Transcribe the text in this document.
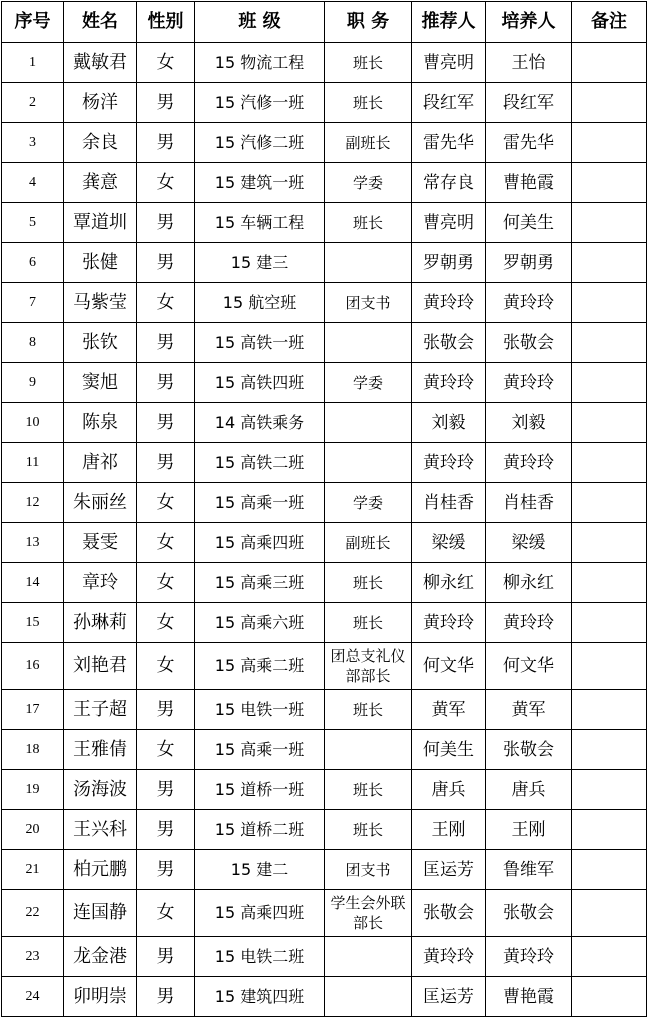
序号	姓名	性别	班 级	职 务	推荐人	培养人	备注
1	戴敏君	女	15 物流工程	班长	曹亮明	王怡	
2	杨洋	男	15 汽修一班	班长	段红军	段红军	
3	余良	男	15 汽修二班	副班长	雷先华	雷先华	
4	龚意	女	15 建筑一班	学委	常存良	曹艳霞	
5	覃道圳	男	15 车辆工程	班长	曹亮明	何美生	
6	张健	男	15 建三		罗朝勇	罗朝勇	
7	马紫莹	女	15 航空班	团支书	黄玲玲	黄玲玲	
8	张钦	男	15 高铁一班		张敬会	张敬会	
9	窦旭	男	15 高铁四班	学委	黄玲玲	黄玲玲	
10	陈泉	男	14 高铁乘务		刘毅	刘毅	
11	唐祁	男	15 高铁二班		黄玲玲	黄玲玲	
12	朱丽丝	女	15 高乘一班	学委	肖桂香	肖桂香	
13	聂雯	女	15 高乘四班	副班长	梁缓	梁缓	
14	章玲	女	15 高乘三班	班长	柳永红	柳永红	
15	孙琳莉	女	15 高乘六班	班长	黄玲玲	黄玲玲	
16	刘艳君	女	15 高乘二班	团总支礼仪部部长	何文华	何文华	
17	王子超	男	15 电铁一班	班长	黄军	黄军	
18	王雅倩	女	15 高乘一班		何美生	张敬会	
19	汤海波	男	15 道桥一班	班长	唐兵	唐兵	
20	王兴科	男	15 道桥二班	班长	王刚	王刚	
21	柏元鹏	男	15 建二	团支书	匡运芳	鲁维军	
22	连国静	女	15 高乘四班	学生会外联部长	张敬会	张敬会	
23	龙金港	男	15 电铁二班		黄玲玲	黄玲玲	
24	卯明崇	男	15 建筑四班		匡运芳	曹艳霞	
